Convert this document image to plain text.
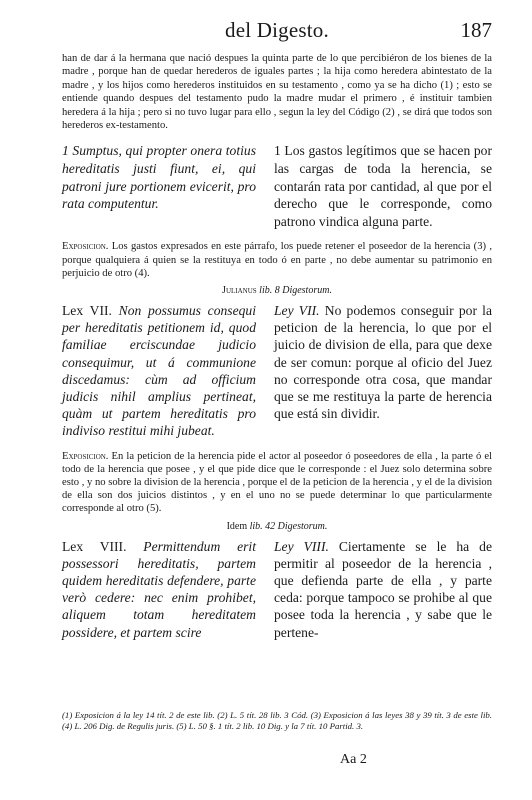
del Digesto.	187
han de dar á la hermana que nació despues la quinta parte de lo que percibiéron de los bienes de la madre , porque han de quedar herederos de iguales partes ; la hija como heredera abintestato de la madre , y los hijos como herederos instituidos en su testamento , como ya se ha dicho (1) ; esto se entiende quando despues del testamento pudo la madre mudar el primero , é instituir tambien heredera á la hija ; pero si no tuvo lugar para ello , segun la ley del Código (2) , se dirá que todos son herederos ex-testamento.
1 Sumptus, qui propter onera totius hereditatis justi fiunt, ei, qui patroni jure portionem evicerit, pro rata computentur.
1 Los gastos legítimos que se hacen por las cargas de toda la herencia, se contarán rata por cantidad, al que por el derecho que le corresponde, como patrono vindica alguna parte.
Exposicion. Los gastos expresados en este párrafo, los puede retener el poseedor de la herencia (3) , porque qualquiera á quien se la restituya en todo ó en parte , no debe aumentar su patrimonio en perjuicio de otro (4).
Julianus lib. 8 Digestorum.
Lex VII. Non possumus consequi per hereditatis petitionem id, quod familiae erciscundae judicio consequimur, ut á communione discedamus: cùm ad officium judicis nihil amplius pertineat, quàm ut partem hereditatis pro indiviso restitui mihi jubeat.
Ley VII. No podemos conseguir por la peticion de la herencia, lo que por el juicio de division de ella, para que dexe de ser comun: porque al oficio del Juez no corresponde otra cosa, que mandar que se me restituya la parte de herencia que está sin dividir.
Exposicion. En la peticion de la herencia pide el actor al poseedor ó poseedores de ella , la parte ó el todo de la herencia que posee , y el que pide dice que le corresponde : el Juez solo determina sobre esto , y no sobre la division de la herencia , porque el de la peticion de la herencia , y el de la division de ella son dos juicios distintos , y en el uno no se puede determinar lo que particularmente corresponde al otro (5).
Idem lib. 42 Digestorum.
Lex VIII. Permittendum erit possessori hereditatis, partem quidem hereditatis defendere, parte verò cedere: nec enim prohibet, aliquem totam hereditatem possidere, et partem scire
Ley VIII. Ciertamente se le ha de permitir al poseedor de la herencia , que defienda parte de ella , y parte ceda: porque tampoco se prohibe al que posee toda la herencia , y sabe que le pertene-
(1) Exposicion á la ley 14 tít. 2 de este lib. (2) L. 5 tít. 28 lib. 3 Cód. (3) Exposicion á las leyes 38 y 39 tít. 3 de este lib. (4) L. 206 Dig. de Regulis juris. (5) L. 50 §. 1 tít. 2 lib. 10 Dig. y la 7 tít. 10 Partid. 3.
Aa 2
